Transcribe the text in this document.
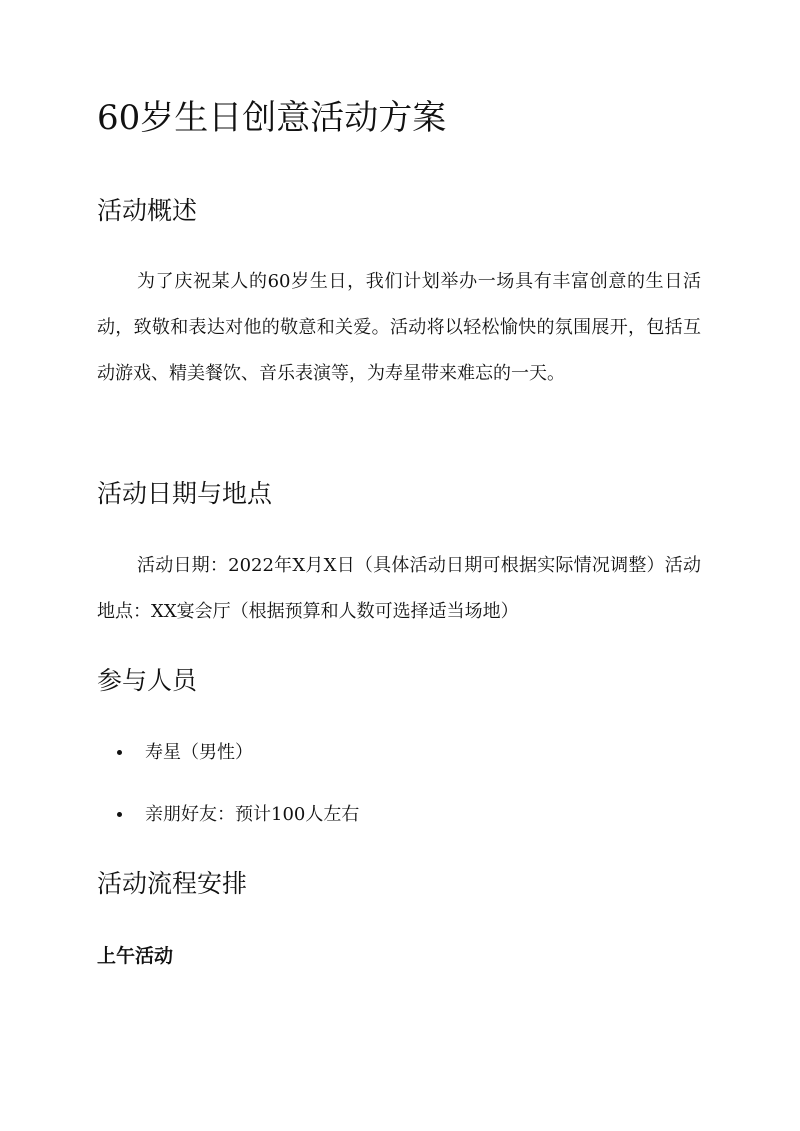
60岁生日创意活动方案
活动概述

为了庆祝某人的60岁生日，我们计划举办一场具有丰富创意的生日活动，致敬和表达对他的敬意和关爱。活动将以轻松愉快的氛围展开，包括互动游戏、精美餐饮、音乐表演等，为寿星带来难忘的一天。

活动日期与地点

活动日期：2022年X月X日（具体活动日期可根据实际情况调整）活动地点：XX宴会厅（根据预算和人数可选择适当场地）

参与人员
寿星（男性）
亲朋好友：预计100人左右
活动流程安排
上午活动
